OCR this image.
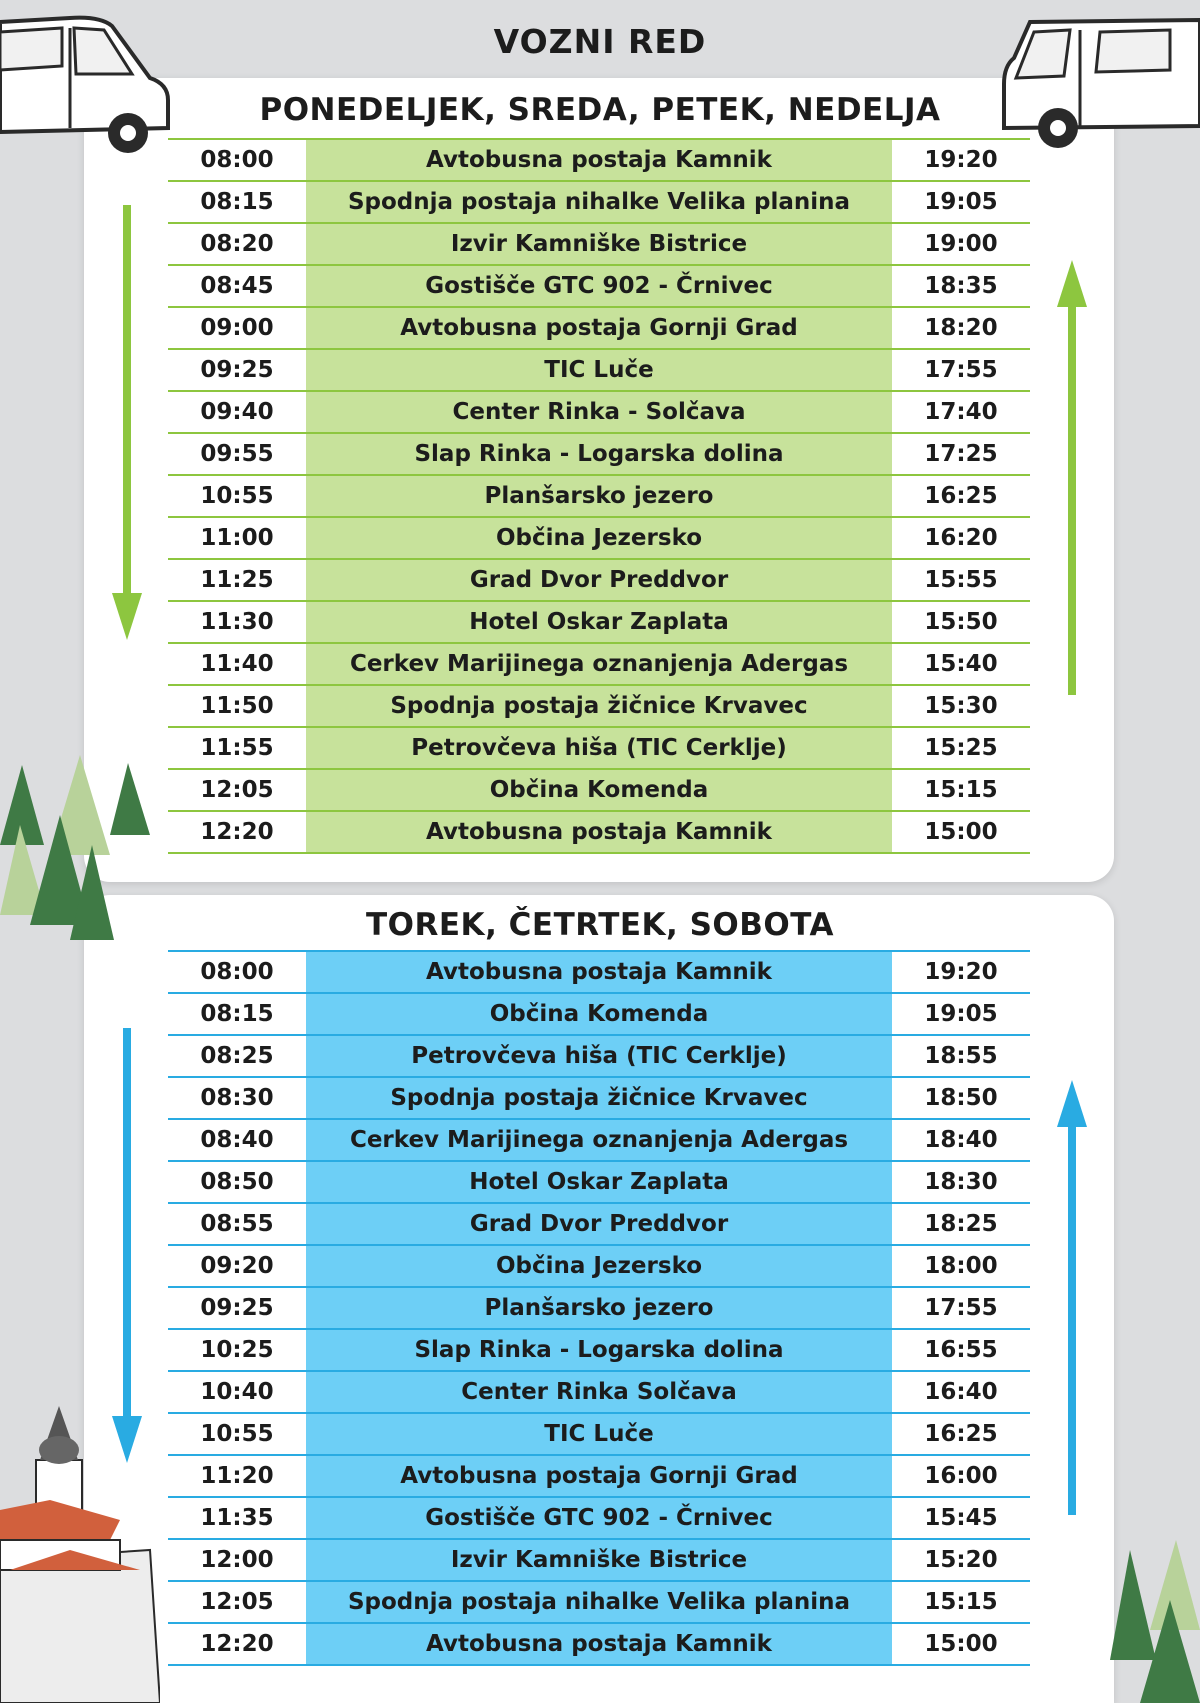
VOZNI RED
PONEDELJEK, SREDA, PETEK, NEDELJA
08:00	Avtobusna postaja Kamnik	19:20
08:15	Spodnja postaja nihalke Velika planina	19:05
08:20	Izvir Kamniške Bistrice	19:00
08:45	Gostišče GTC 902 - Črnivec	18:35
09:00	Avtobusna postaja Gornji Grad	18:20
09:25	TIC Luče	17:55
09:40	Center Rinka - Solčava	17:40
09:55	Slap Rinka - Logarska dolina	17:25
10:55	Planšarsko jezero	16:25
11:00	Občina Jezersko	16:20
11:25	Grad Dvor Preddvor	15:55
11:30	Hotel Oskar Zaplata	15:50
11:40	Cerkev Marijinega oznanjenja Adergas	15:40
11:50	Spodnja postaja žičnice Krvavec	15:30
11:55	Petrovčeva hiša (TIC Cerklje)	15:25
12:05	Občina Komenda	15:15
12:20	Avtobusna postaja Kamnik	15:00
TOREK, ČETRTEK, SOBOTA
08:00	Avtobusna postaja Kamnik	19:20
08:15	Občina Komenda	19:05
08:25	Petrovčeva hiša (TIC Cerklje)	18:55
08:30	Spodnja postaja žičnice Krvavec	18:50
08:40	Cerkev Marijinega oznanjenja Adergas	18:40
08:50	Hotel Oskar Zaplata	18:30
08:55	Grad Dvor Preddvor	18:25
09:20	Občina Jezersko	18:00
09:25	Planšarsko jezero	17:55
10:25	Slap Rinka - Logarska dolina	16:55
10:40	Center Rinka Solčava	16:40
10:55	TIC Luče	16:25
11:20	Avtobusna postaja Gornji Grad	16:00
11:35	Gostišče GTC 902 - Črnivec	15:45
12:00	Izvir Kamniške Bistrice	15:20
12:05	Spodnja postaja nihalke Velika planina	15:15
12:20	Avtobusna postaja Kamnik	15:00
